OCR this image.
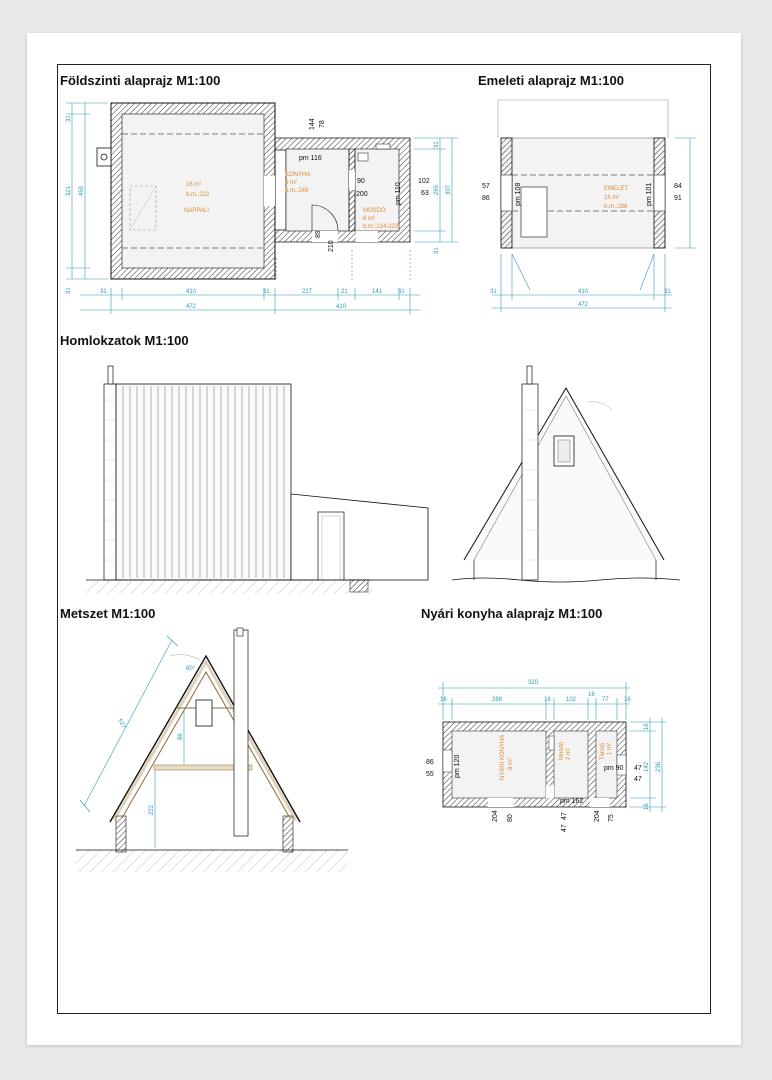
Földszinti alaprajz M1:100	Emeleti alaprajz M1:100
Homlokzatok M1:100
Metszet M1:100	Nyári konyha alaprajz M1:100
16 m²
b.m.:222
NAPPALI
KONYHA
6 m²
b.m.:249
MOSDÓ
6 m²
b.m.:214-222
pm 116
pm 110
90
200
89
210
102
63
144 78
31	410	31	227	21	141	31
472	410
31
321 459
31
31
265 307
31
EMELET
16 m²
b.m.:286
pm 108	pm 101
57
86
84
91
31	410	31
472
60°
527
86
222
NYÁRI KONYHA 8 m²
Mosdó 2 m²	Tároló 1 m²
pm 120
pm 162
pm 90
86
55
47
47
47
47
204 80	204 75
320
16	288	16	102
16
77	16
16
142 236
16
